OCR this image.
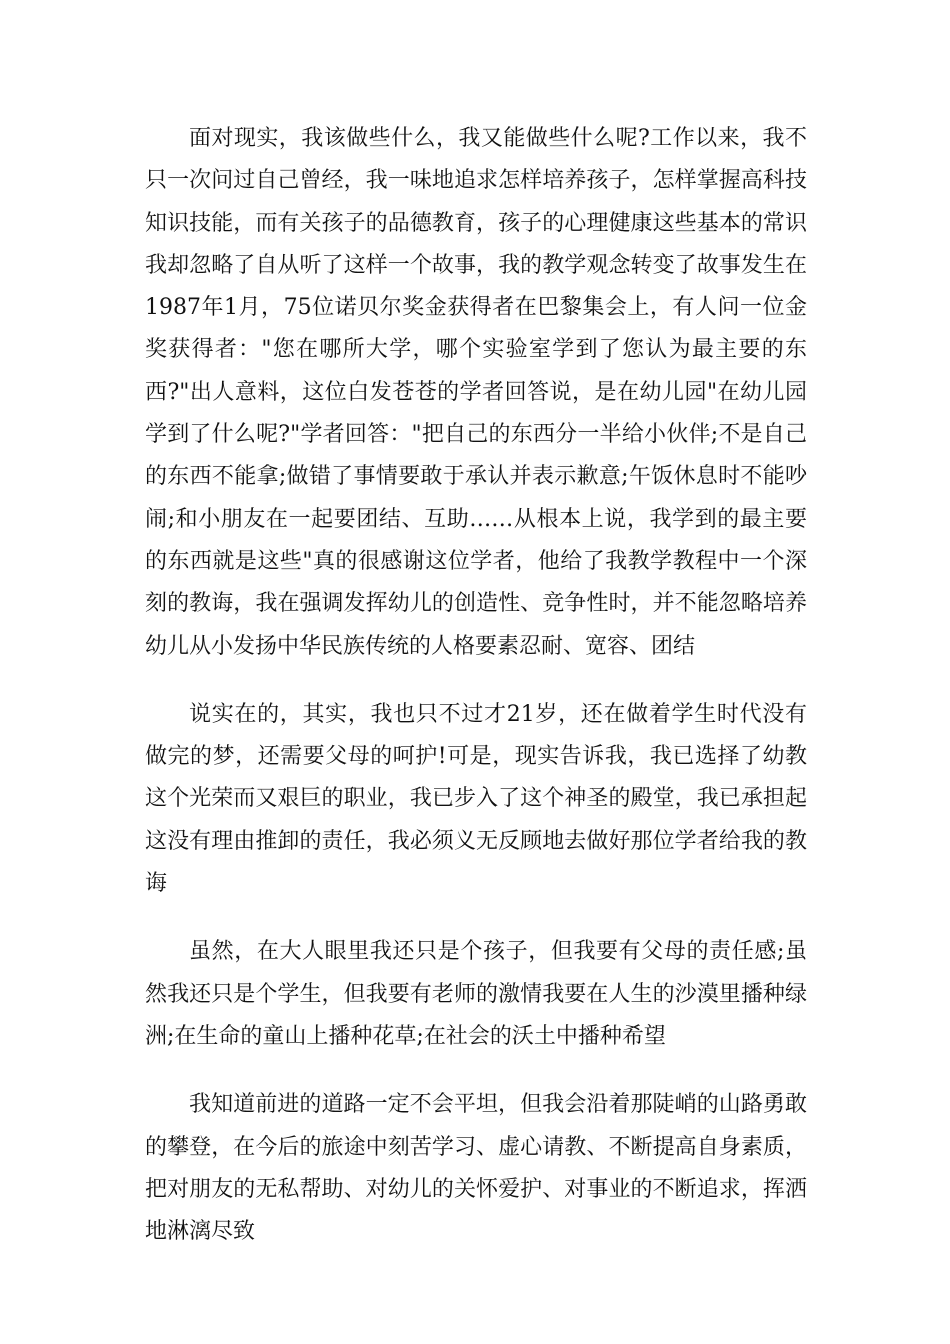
面对现实，我该做些什么，我又能做些什么呢?工作以来，我不只一次问过自己曾经，我一味地追求怎样培养孩子，怎样掌握高科技知识技能，而有关孩子的品德教育，孩子的心理健康这些基本的常识我却忽略了自从听了这样一个故事，我的教学观念转变了故事发生在1987年1月，75位诺贝尔奖金获得者在巴黎集会上，有人问一位金奖获得者："您在哪所大学，哪个实验室学到了您认为最主要的东西?"出人意料，这位白发苍苍的学者回答说，是在幼儿园"在幼儿园学到了什么呢?"学者回答："把自己的东西分一半给小伙伴;不是自己的东西不能拿;做错了事情要敢于承认并表示歉意;午饭休息时不能吵闹;和小朋友在一起要团结、互助……从根本上说，我学到的最主要的东西就是这些"真的很感谢这位学者，他给了我教学教程中一个深刻的教诲，我在强调发挥幼儿的创造性、竞争性时，并不能忽略培养幼儿从小发扬中华民族传统的人格要素忍耐、宽容、团结

说实在的，其实，我也只不过才21岁，还在做着学生时代没有做完的梦，还需要父母的呵护!可是，现实告诉我，我已选择了幼教这个光荣而又艰巨的职业，我已步入了这个神圣的殿堂，我已承担起这没有理由推卸的责任，我必须义无反顾地去做好那位学者给我的教诲

虽然，在大人眼里我还只是个孩子，但我要有父母的责任感;虽然我还只是个学生，但我要有老师的激情我要在人生的沙漠里播种绿洲;在生命的童山上播种花草;在社会的沃土中播种希望

我知道前进的道路一定不会平坦，但我会沿着那陡峭的山路勇敢的攀登，在今后的旅途中刻苦学习、虚心请教、不断提高自身素质，把对朋友的无私帮助、对幼儿的关怀爱护、对事业的不断追求，挥洒地淋漓尽致
